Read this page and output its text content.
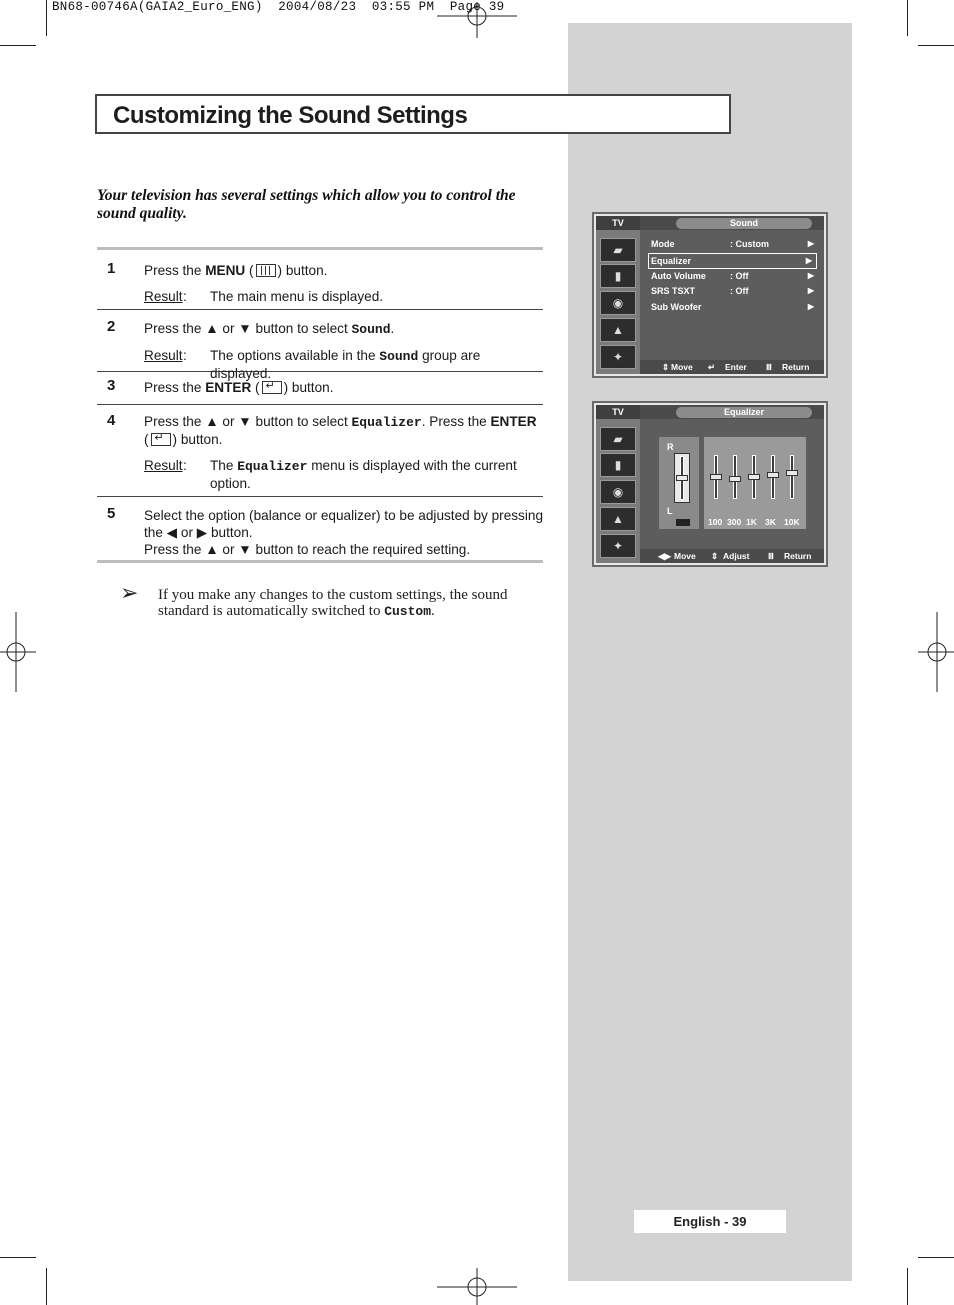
BN68-00746A(GAIA2_Euro_ENG)  2004/08/23  03:55 PM  Page 39
Customizing the Sound Settings
Your television has several settings which allow you to control the sound quality.
1 Press the MENU ( ) button.
Result : The main menu is displayed.
2 Press the ▲ or ▼ button to select Sound.
Result : The options available in the Sound group are displayed.
3 Press the ENTER ( ↵ ) button.
4 Press the ▲ or ▼ button to select Equalizer. Press the ENTER
( ↵ ) button.
Result : The Equalizer menu is displayed with the current option.
5 Select the option (balance or equalizer) to be adjusted by pressing the ◀ or ▶ button.
Press the ▲ or ▼ button to reach the required setting.
➢ If you make any changes to the custom settings, the sound standard is automatically switched to Custom.
TV	Sound
▰
▮
◉
▲
✦
Mode	: Custom	▶
Equalizer	▶
Auto Volume	: Off	▶
SRS TSXT	: Off	▶
Sub Woofer	▶
⇕ Move ↵ Enter Ⅲ Return
TV	Equalizer
▰
▮
◉
▲
✦
R
L
100 300 1K 3K 10K
◀▶ Move ⇕ Adjust Ⅲ Return
English - 39
